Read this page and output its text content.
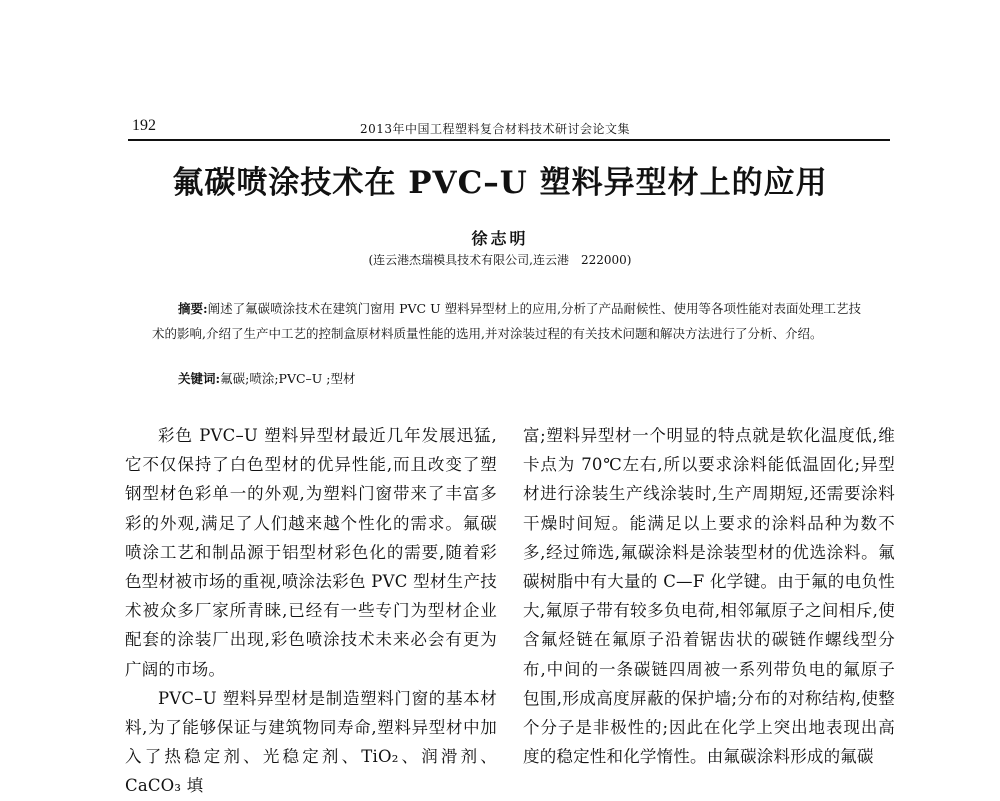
192	2013年中国工程塑料复合材料技术研讨会论文集
氟碳喷涂技术在 PVC–U 塑料异型材上的应用
徐志明
(连云港杰瑞模具技术有限公司,连云港　222000)
摘要:阐述了氟碳喷涂技术在建筑门窗用 PVC U 塑料异型材上的应用,分析了产品耐候性、使用等各项性能对表面处理工艺技术的影响,介绍了生产中工艺的控制盒原材料质量性能的选用,并对涂装过程的有关技术问题和解决方法进行了分析、介绍。
关键词:氟碳;喷涂;PVC–U ;型材

彩色 PVC–U 塑料异型材最近几年发展迅猛,它不仅保持了白色型材的优异性能,而且改变了塑钢型材色彩单一的外观,为塑料门窗带来了丰富多彩的外观,满足了人们越来越个性化的需求。氟碳喷涂工艺和制品源于铝型材彩色化的需要,随着彩色型材被市场的重视,喷涂法彩色 PVC 型材生产技术被众多厂家所青睐,已经有一些专门为型材企业配套的涂装厂出现,彩色喷涂技术未来必会有更为广阔的市场。

PVC–U 塑料异型材是制造塑料门窗的基本材料,为了能够保证与建筑物同寿命,塑料异型材中加入了热稳定剂、光稳定剂、TiO₂、润滑剂、CaCO₃ 填

富;塑料异型材一个明显的特点就是软化温度低,维卡点为 70℃左右,所以要求涂料能低温固化;异型材进行涂装生产线涂装时,生产周期短,还需要涂料干燥时间短。能满足以上要求的涂料品种为数不多,经过筛选,氟碳涂料是涂装型材的优选涂料。氟碳树脂中有大量的 C—F 化学键。由于氟的电负性大,氟原子带有较多负电荷,相邻氟原子之间相斥,使含氟烃链在氟原子沿着锯齿状的碳链作螺线型分布,中间的一条碳链四周被一系列带负电的氟原子包围,形成高度屏蔽的保护墙;分布的对称结构,使整个分子是非极性的;因此在化学上突出地表现出高度的稳定性和化学惰性。由氟碳涂料形成的氟碳
